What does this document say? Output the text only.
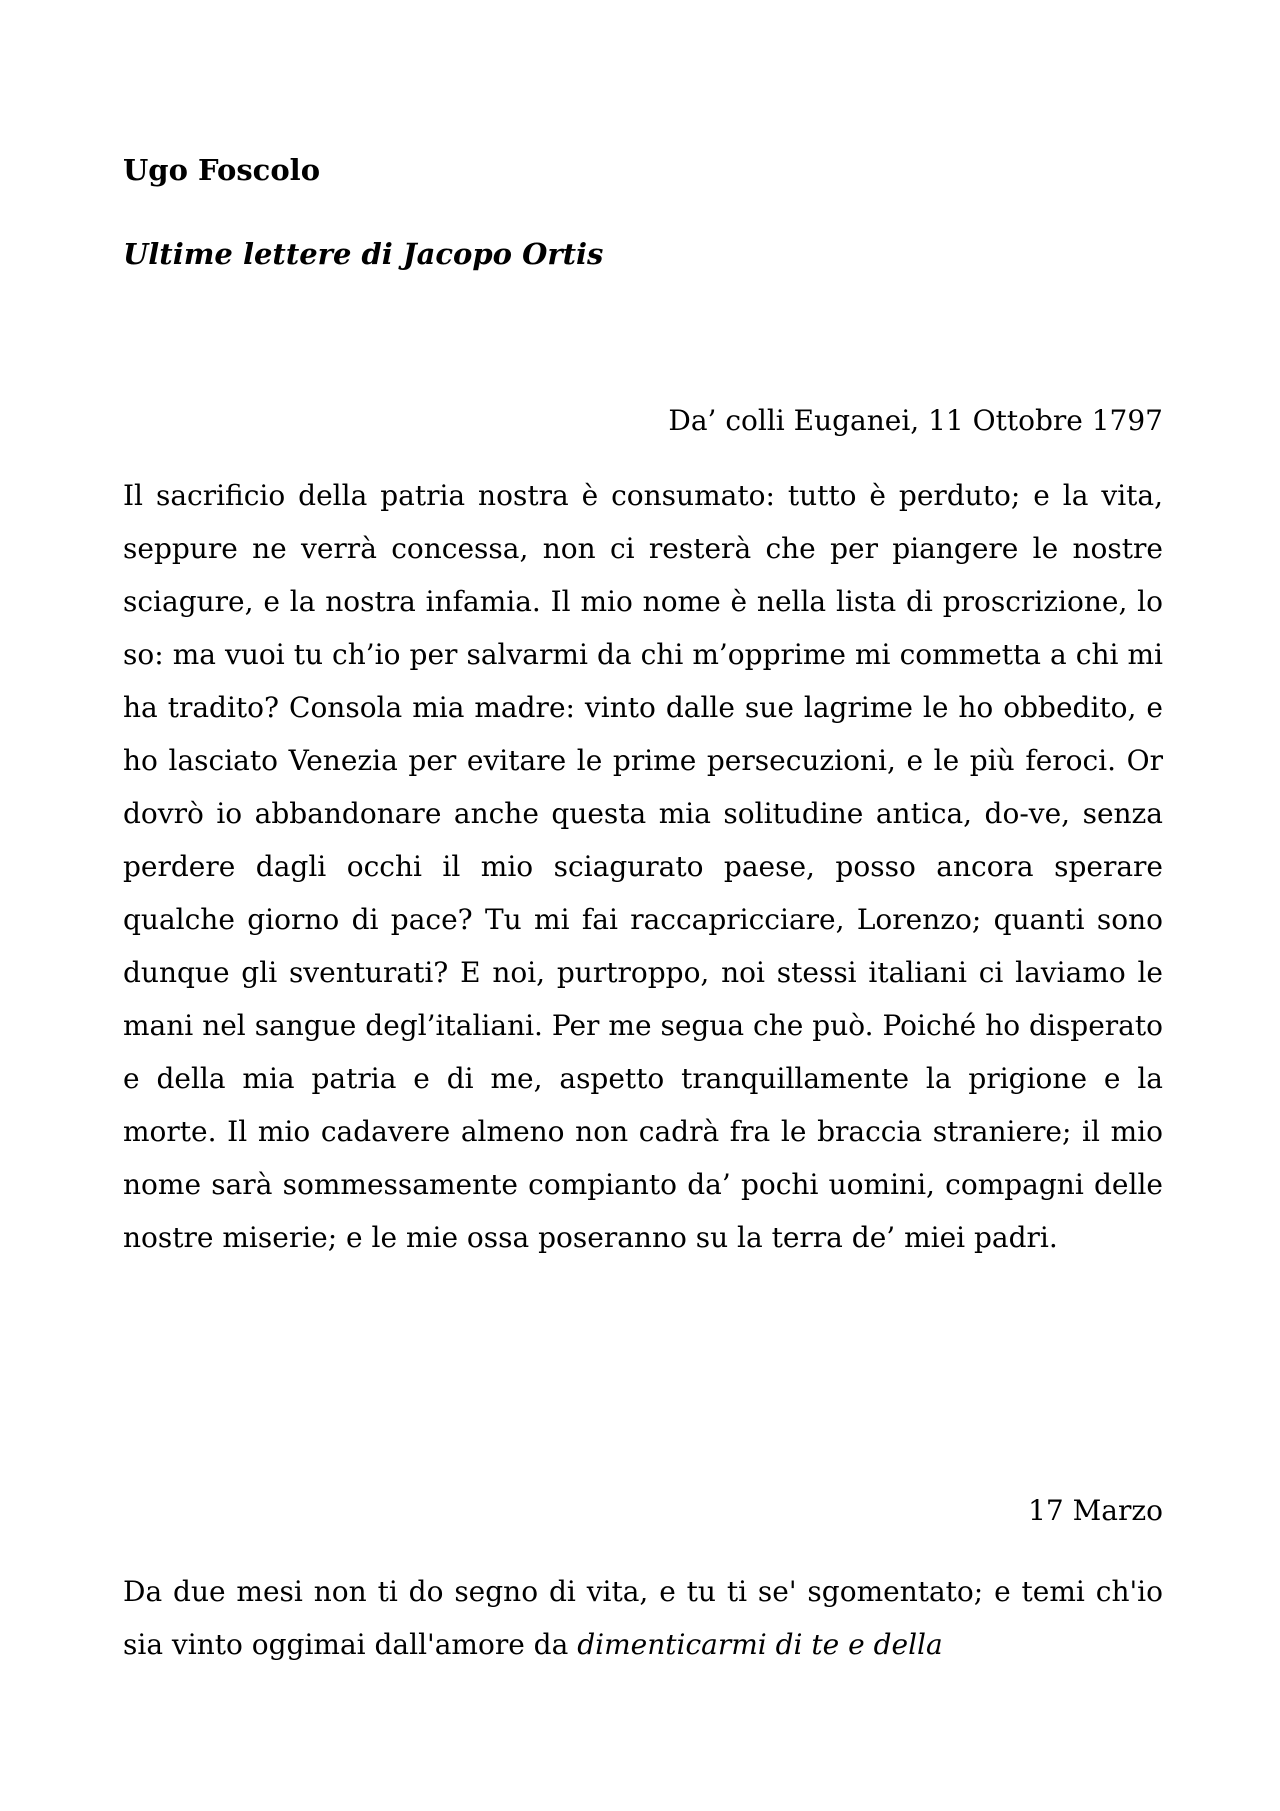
Ugo Foscolo

Ultime lettere di Jacopo Ortis

Da’ colli Euganei, 11 Ottobre 1797

Il sacrificio della patria nostra è consumato: tutto è perduto; e la vita, seppure ne verrà concessa, non ci resterà che per piangere le nostre sciagure, e la nostra infamia. Il mio nome è nella lista di proscrizione, lo so: ma vuoi tu ch’io per salvarmi da chi m’opprime mi commetta a chi mi ha tradito? Consola mia madre: vinto dalle sue lagrime le ho obbedito, e ho lasciato Venezia per evitare le prime persecuzioni, e le più feroci. Or dovrò io abbandonare anche questa mia solitudine antica, do-ve, senza perdere dagli occhi il mio sciagurato paese, posso ancora sperare qualche giorno di pace? Tu mi fai raccapricciare, Lorenzo; quanti sono dunque gli sventurati? E noi, purtroppo, noi stessi italiani ci laviamo le mani nel sangue degl’italiani. Per me segua che può. Poiché ho disperato e della mia patria e di me, aspetto tranquillamente la prigione e la morte. Il mio cadavere almeno non cadrà fra le braccia straniere; il mio nome sarà sommessamente compianto da’ pochi uomini, compagni delle nostre miserie; e le mie ossa poseranno su la terra de’ miei padri.

17 Marzo

Da due mesi non ti do segno di vita, e tu ti se' sgomentato; e temi ch'io sia vinto oggimai dall'amore da dimenticarmi di te e della
